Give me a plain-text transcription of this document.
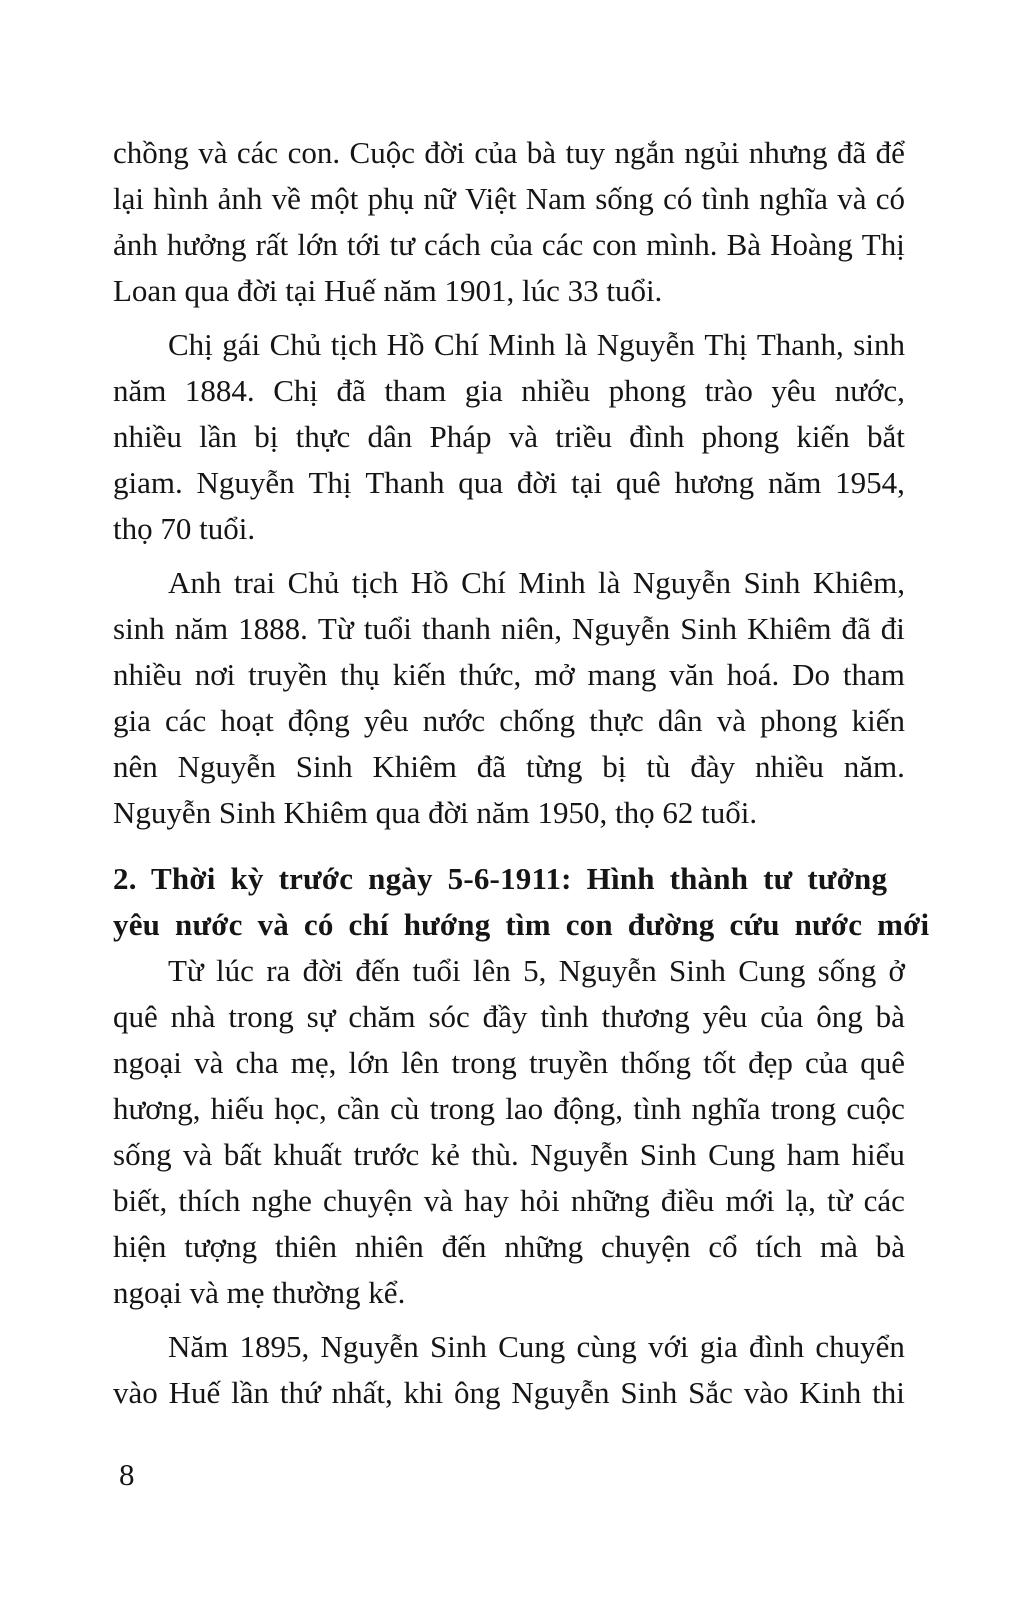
chồng và các con. Cuộc đời của bà tuy ngắn ngủi nhưng đã để
lại hình ảnh về một phụ nữ Việt Nam sống có tình nghĩa và có
ảnh hưởng rất lớn tới tư cách của các con mình. Bà Hoàng Thị
Loan qua đời tại Huế năm 1901, lúc 33 tuổi.
Chị gái Chủ tịch Hồ Chí Minh là Nguyễn Thị Thanh, sinh
năm 1884. Chị đã tham gia nhiều phong trào yêu nước,
nhiều lần bị thực dân Pháp và triều đình phong kiến bắt
giam. Nguyễn Thị Thanh qua đời tại quê hương năm 1954,
thọ 70 tuổi.
Anh trai Chủ tịch Hồ Chí Minh là Nguyễn Sinh Khiêm,
sinh năm 1888. Từ tuổi thanh niên, Nguyễn Sinh Khiêm đã đi
nhiều nơi truyền thụ kiến thức, mở mang văn hoá. Do tham
gia các hoạt động yêu nước chống thực dân và phong kiến
nên Nguyễn Sinh Khiêm đã từng bị tù đày nhiều năm.
Nguyễn Sinh Khiêm qua đời năm 1950, thọ 62 tuổi.
2. Thời kỳ trước ngày 5-6-1911: Hình thành tư tưởng
yêu nước và có chí hướng tìm con đường cứu nước mới
Từ lúc ra đời đến tuổi lên 5, Nguyễn Sinh Cung sống ở
quê nhà trong sự chăm sóc đầy tình thương yêu của ông bà
ngoại và cha mẹ, lớn lên trong truyền thống tốt đẹp của quê
hương, hiếu học, cần cù trong lao động, tình nghĩa trong cuộc
sống và bất khuất trước kẻ thù. Nguyễn Sinh Cung ham hiểu
biết, thích nghe chuyện và hay hỏi những điều mới lạ, từ các
hiện tượng thiên nhiên đến những chuyện cổ tích mà bà
ngoại và mẹ thường kể.
Năm 1895, Nguyễn Sinh Cung cùng với gia đình chuyển
vào Huế lần thứ nhất, khi ông Nguyễn Sinh Sắc vào Kinh thi
8
